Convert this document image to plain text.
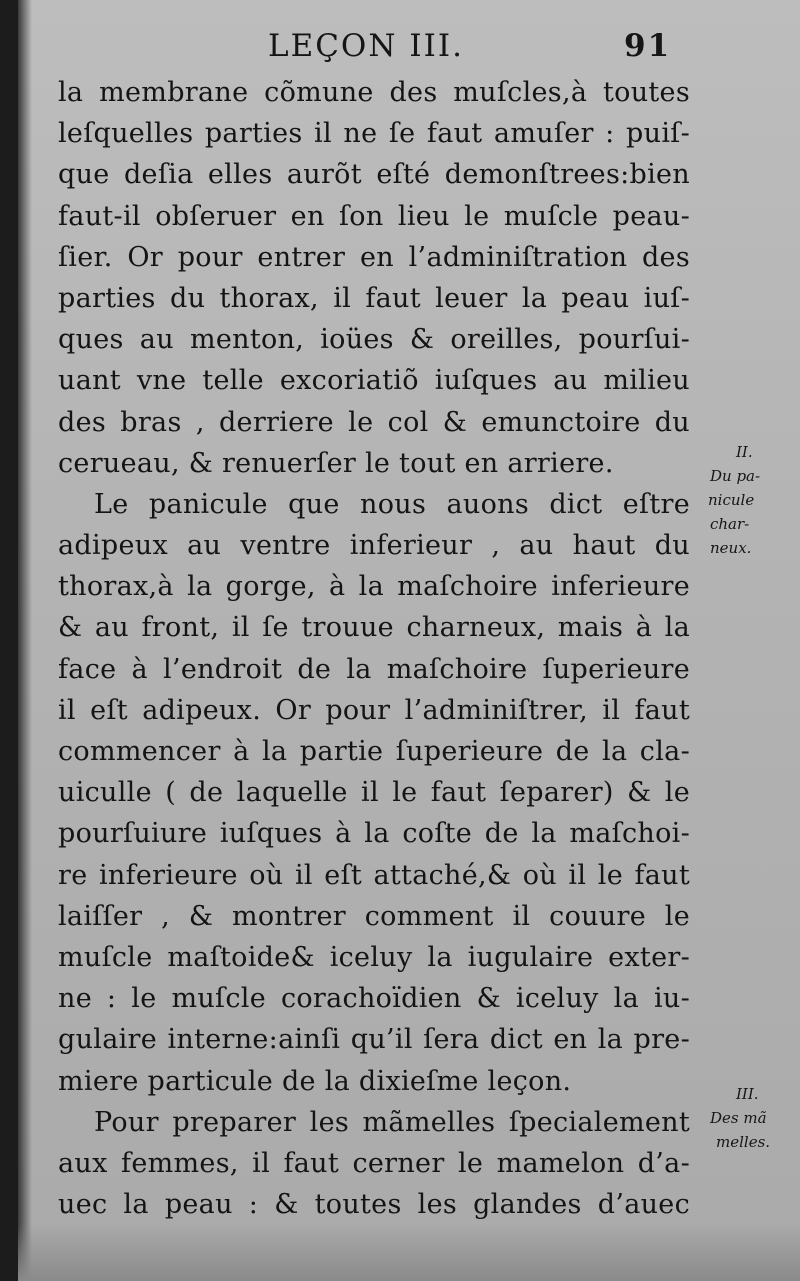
LEÇON III.	91
la membrane cõmune des muſcles,à toutes
leſquelles parties il ne ſe faut amuſer : puiſ-
que deſia elles aurõt eſté demonſtrees:bien
faut-il obſeruer en ſon lieu le muſcle peau-
ſier. Or pour entrer en l’adminiſtration des
parties du thorax, il faut leuer la peau iuſ-
ques au menton, ioües & oreilles, pourſui-
uant vne telle excoriatiõ iuſques au milieu
des bras , derriere le col & emunctoire du
cerueau, & renuerſer le tout en arriere.
Le panicule que nous auons dict eſtre
adipeux au ventre inferieur , au haut du
thorax,à la gorge, à la maſchoire inferieure
& au front, il ſe trouue charneux, mais à la
face à l’endroit de la maſchoire ſuperieure
il eſt adipeux. Or pour l’adminiſtrer, il faut
commencer à la partie ſuperieure de la cla-
uiculle ( de laquelle il le faut ſeparer) & le
pourſuiure iuſques à la coſte de la maſchoi-
re inferieure où il eſt attaché,& où il le faut
laiſſer , & montrer comment il couure le
muſcle maſtoide& iceluy la iugulaire exter-
ne : le muſcle corachoïdien & iceluy la iu-
gulaire interne:ainſi qu’il ſera dict en la pre-
miere particule de la dixieſme leçon.
Pour preparer les mãmelles ſpecialement
aux femmes, il faut cerner le mamelon d’a-
uec la peau : & toutes les glandes d’auec
II.
Du pa-
nicule
char-
neux.
III.
Des mã
melles.
